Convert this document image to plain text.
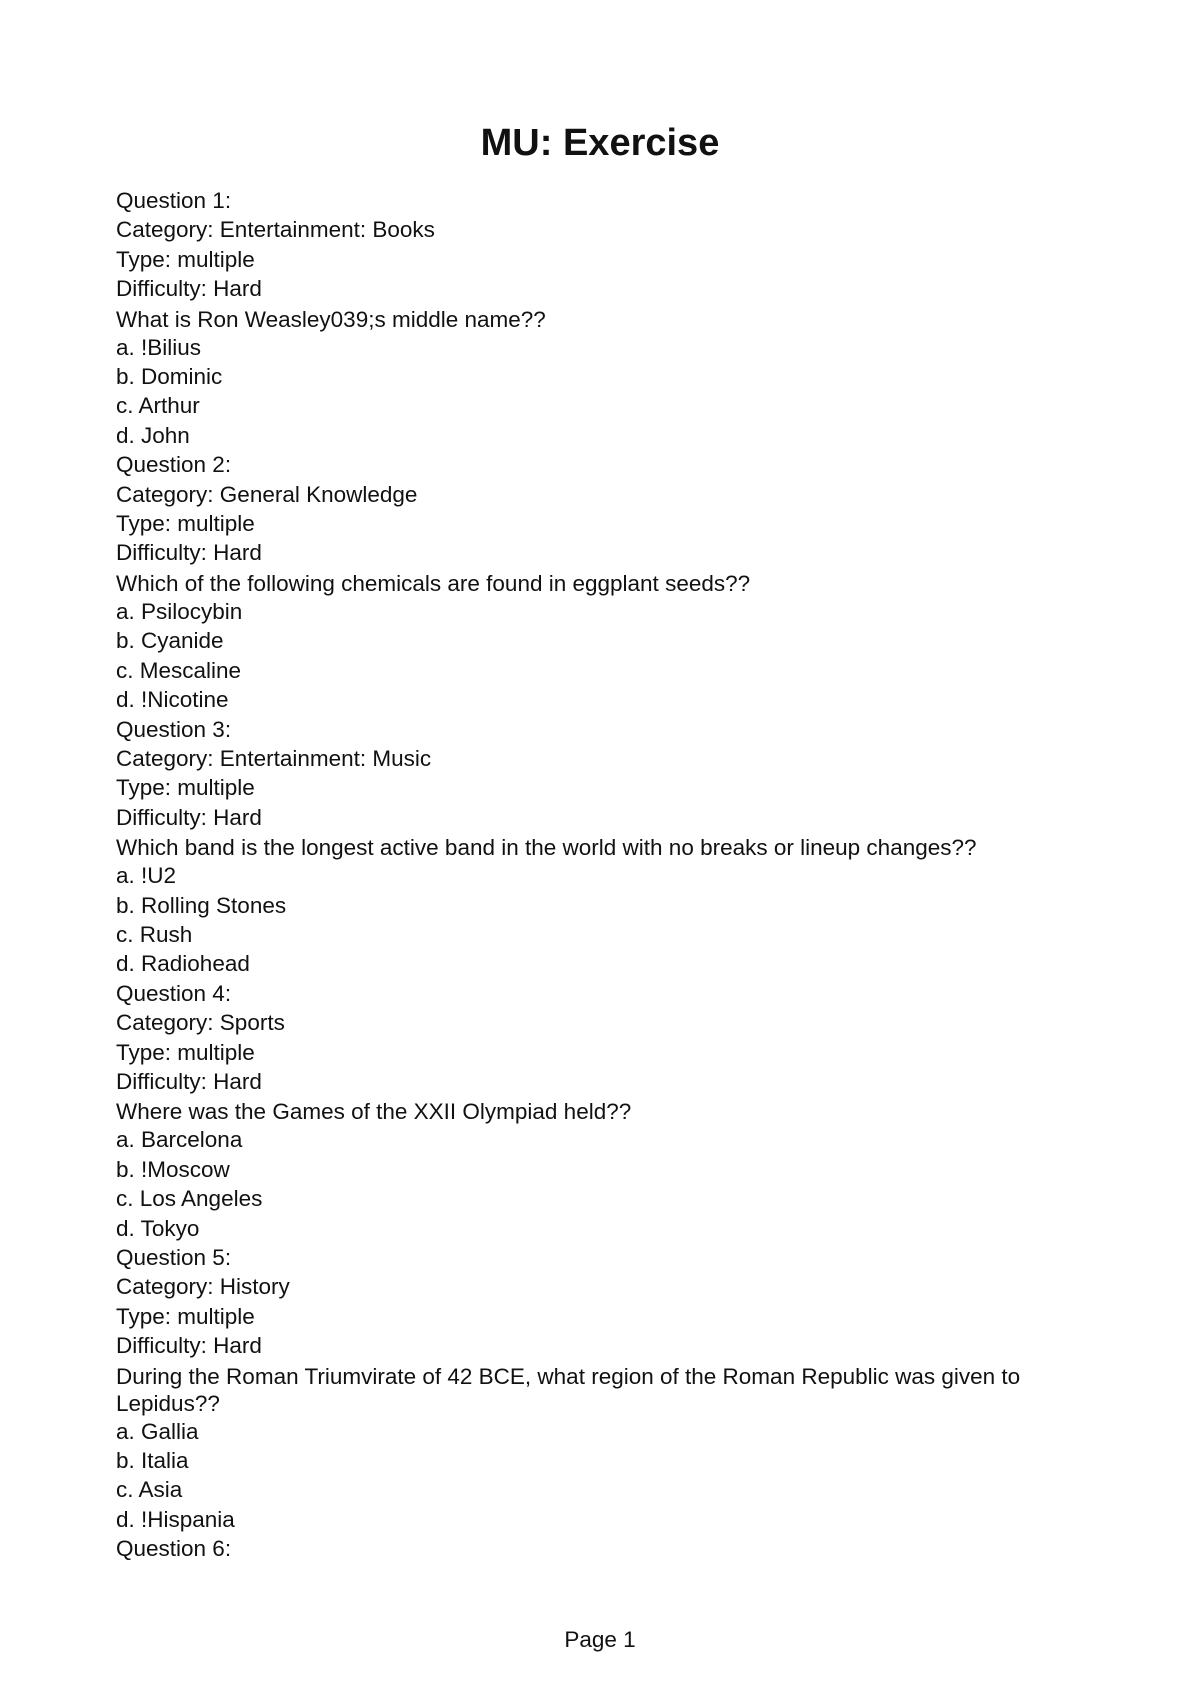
MU: Exercise
Question 1:
Category: Entertainment: Books
Type: multiple
Difficulty: Hard
What is Ron Weasley039;s middle name??
a. !Bilius
b. Dominic
c. Arthur
d. John
Question 2:
Category: General Knowledge
Type: multiple
Difficulty: Hard
Which of the following chemicals are found in eggplant seeds??
a. Psilocybin
b. Cyanide
c. Mescaline
d. !Nicotine
Question 3:
Category: Entertainment: Music
Type: multiple
Difficulty: Hard
Which band is the longest active band in the world with no breaks or lineup changes??
a. !U2
b. Rolling Stones
c. Rush
d. Radiohead
Question 4:
Category: Sports
Type: multiple
Difficulty: Hard
Where was the Games of the XXII Olympiad held??
a. Barcelona
b. !Moscow
c. Los Angeles
d. Tokyo
Question 5:
Category: History
Type: multiple
Difficulty: Hard
During the Roman Triumvirate of 42 BCE, what region of the Roman Republic was given to Lepidus??
a. Gallia
b. Italia
c. Asia
d. !Hispania
Question 6:
Page 1
